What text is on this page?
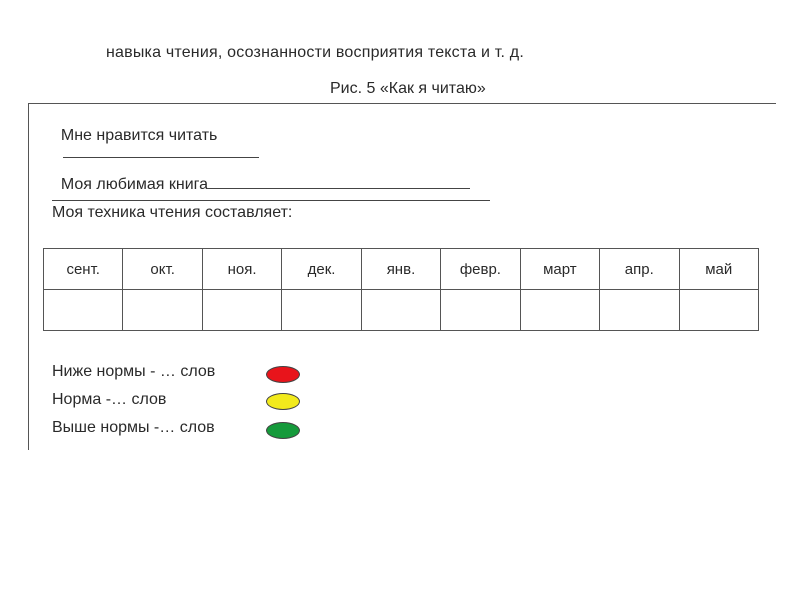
навыка чтения, осознанности восприятия текста и т. д.
Рис. 5 «Как я читаю»

Мне нравится читать

Моя любимая книга

Моя техника чтения составляет:
сент.	окт.	ноя.	дек.	янв.	февр.	март	апр.	май

Ниже нормы - … слов
Норма -… слов
Выше нормы -… слов
